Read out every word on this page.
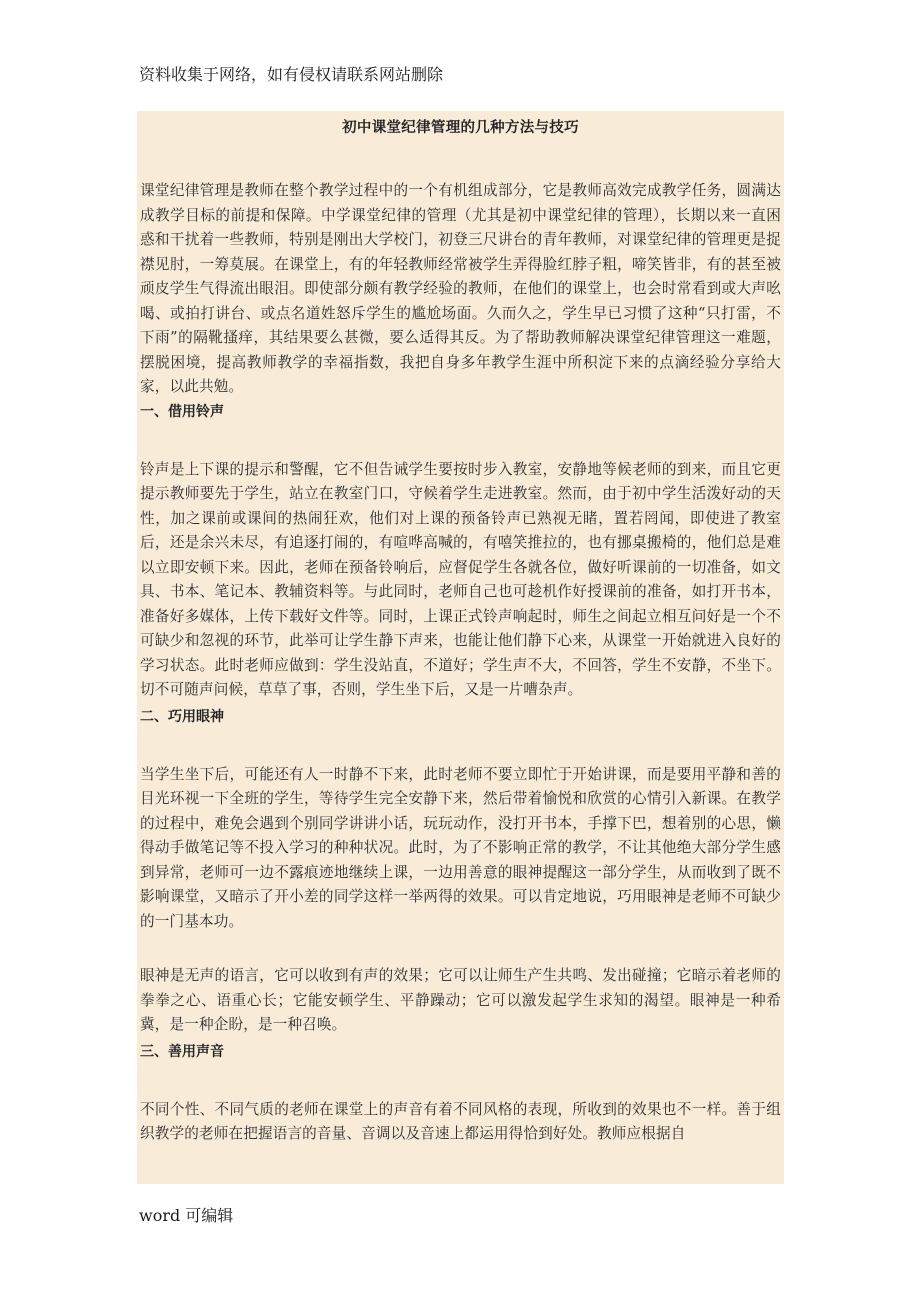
资料收集于网络，如有侵权请联系网站删除
初中课堂纪律管理的几种方法与技巧
课堂纪律管理是教师在整个教学过程中的一个有机组成部分，它是教师高效完成教学任务，圆满达成教学目标的前提和保障。中学课堂纪律的管理（尤其是初中课堂纪律的管理），长期以来一直困惑和干扰着一些教师，特别是刚出大学校门，初登三尺讲台的青年教师，对课堂纪律的管理更是捉襟见肘，一筹莫展。在课堂上，有的年轻教师经常被学生弄得脸红脖子粗，啼笑皆非，有的甚至被顽皮学生气得流出眼泪。即使部分颇有教学经验的教师，在他们的课堂上，也会时常看到或大声吆喝、或拍打讲台、或点名道姓怒斥学生的尴尬场面。久而久之，学生早已习惯了这种“只打雷，不下雨”的隔靴搔痒，其结果要么甚微，要么适得其反。为了帮助教师解决课堂纪律管理这一难题，摆脱困境，提高教师教学的幸福指数，我把自身多年教学生涯中所积淀下来的点滴经验分享给大家，以此共勉。
一、借用铃声
铃声是上下课的提示和警醒，它不但告诫学生要按时步入教室，安静地等候老师的到来，而且它更提示教师要先于学生，站立在教室门口，守候着学生走进教室。然而，由于初中学生活泼好动的天性，加之课前或课间的热闹狂欢，他们对上课的预备铃声已熟视无睹，置若罔闻，即使进了教室后，还是余兴未尽，有追逐打闹的，有喧哗高喊的，有嘻笑推拉的，也有挪桌搬椅的，他们总是难以立即安顿下来。因此，老师在预备铃响后，应督促学生各就各位，做好听课前的一切准备，如文具、书本、笔记本、教辅资料等。与此同时，老师自己也可趁机作好授课前的准备，如打开书本，准备好多媒体，上传下载好文件等。同时，上课正式铃声响起时，师生之间起立相互问好是一个不可缺少和忽视的环节，此举可让学生静下声来，也能让他们静下心来，从课堂一开始就进入良好的学习状态。此时老师应做到：学生没站直，不道好；学生声不大，不回答，学生不安静，不坐下。切不可随声问候，草草了事，否则，学生坐下后，又是一片嘈杂声。
二、巧用眼神
当学生坐下后，可能还有人一时静不下来，此时老师不要立即忙于开始讲课，而是要用平静和善的目光环视一下全班的学生，等待学生完全安静下来，然后带着愉悦和欣赏的心情引入新课。在教学的过程中，难免会遇到个别同学讲讲小话，玩玩动作，没打开书本，手撑下巴，想着别的心思，懒得动手做笔记等不投入学习的种种状况。此时，为了不影响正常的教学，不让其他绝大部分学生感到异常，老师可一边不露痕迹地继续上课，一边用善意的眼神提醒这一部分学生，从而收到了既不影响课堂，又暗示了开小差的同学这样一举两得的效果。可以肯定地说，巧用眼神是老师不可缺少的一门基本功。
眼神是无声的语言，它可以收到有声的效果；它可以让师生产生共鸣、发出碰撞；它暗示着老师的拳拳之心、语重心长；它能安顿学生、平静躁动；它可以激发起学生求知的渴望。眼神是一种希冀，是一种企盼，是一种召唤。
三、善用声音
不同个性、不同气质的老师在课堂上的声音有着不同风格的表现，所收到的效果也不一样。善于组织教学的老师在把握语言的音量、音调以及音速上都运用得恰到好处。教师应根据自
word 可编辑
